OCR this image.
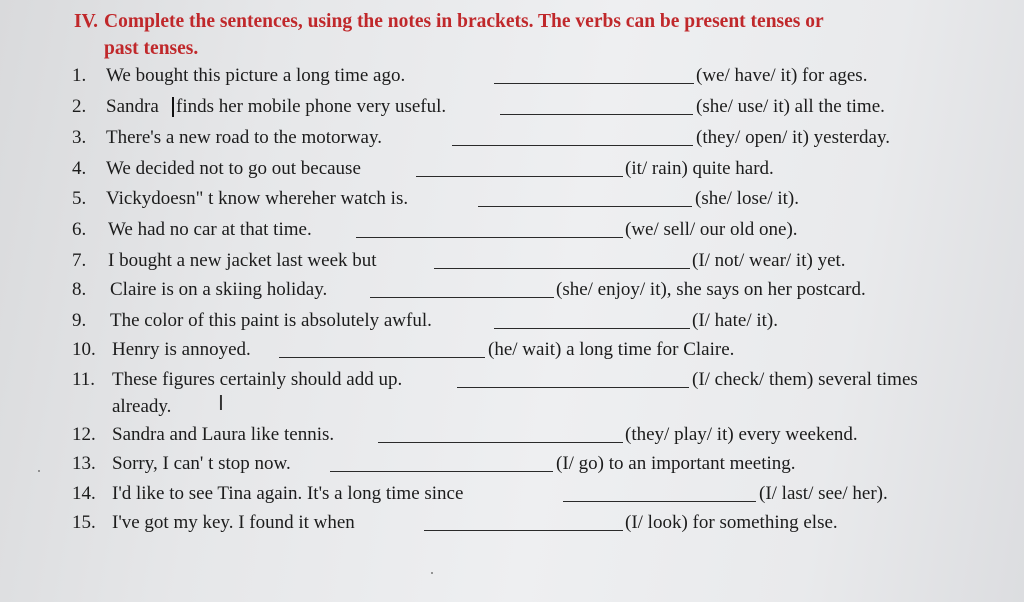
IV. Complete the sentences, using the notes in brackets. The verbs can be present tenses or
past tenses.
1.	We bought this picture a long time ago.	(we/ have/ it) for ages.
2.	Sandra finds her mobile phone very useful.	(she/ use/ it) all the time.
3.	There's a new road to the motorway.	(they/ open/ it) yesterday.
4.	We decided not to go out because	(it/ rain) quite hard.
5.	Vickydoesn" t know whereher watch is.	(she/ lose/ it).
6.	We had no car at that time.	(we/ sell/ our old one).
7.	I bought a new jacket last week but	(I/ not/ wear/ it) yet.
8.	Claire is on a skiing holiday.	(she/ enjoy/ it), she says on her postcard.
9.	The color of this paint is absolutely awful.	(I/ hate/ it).
10. Henry is annoyed.	(he/ wait) a long time for Claire.
11. These figures certainly should add up.	(I/ check/ them) several times
already. I
12. Sandra and Laura like tennis.	(they/ play/ it) every weekend.
13. Sorry, I can' t stop now.	(I/ go) to an important meeting.
14. I'd like to see Tina again. It's a long time since	(I/ last/ see/ her).
15. I've got my key. I found it when	(I/ look) for something else.
